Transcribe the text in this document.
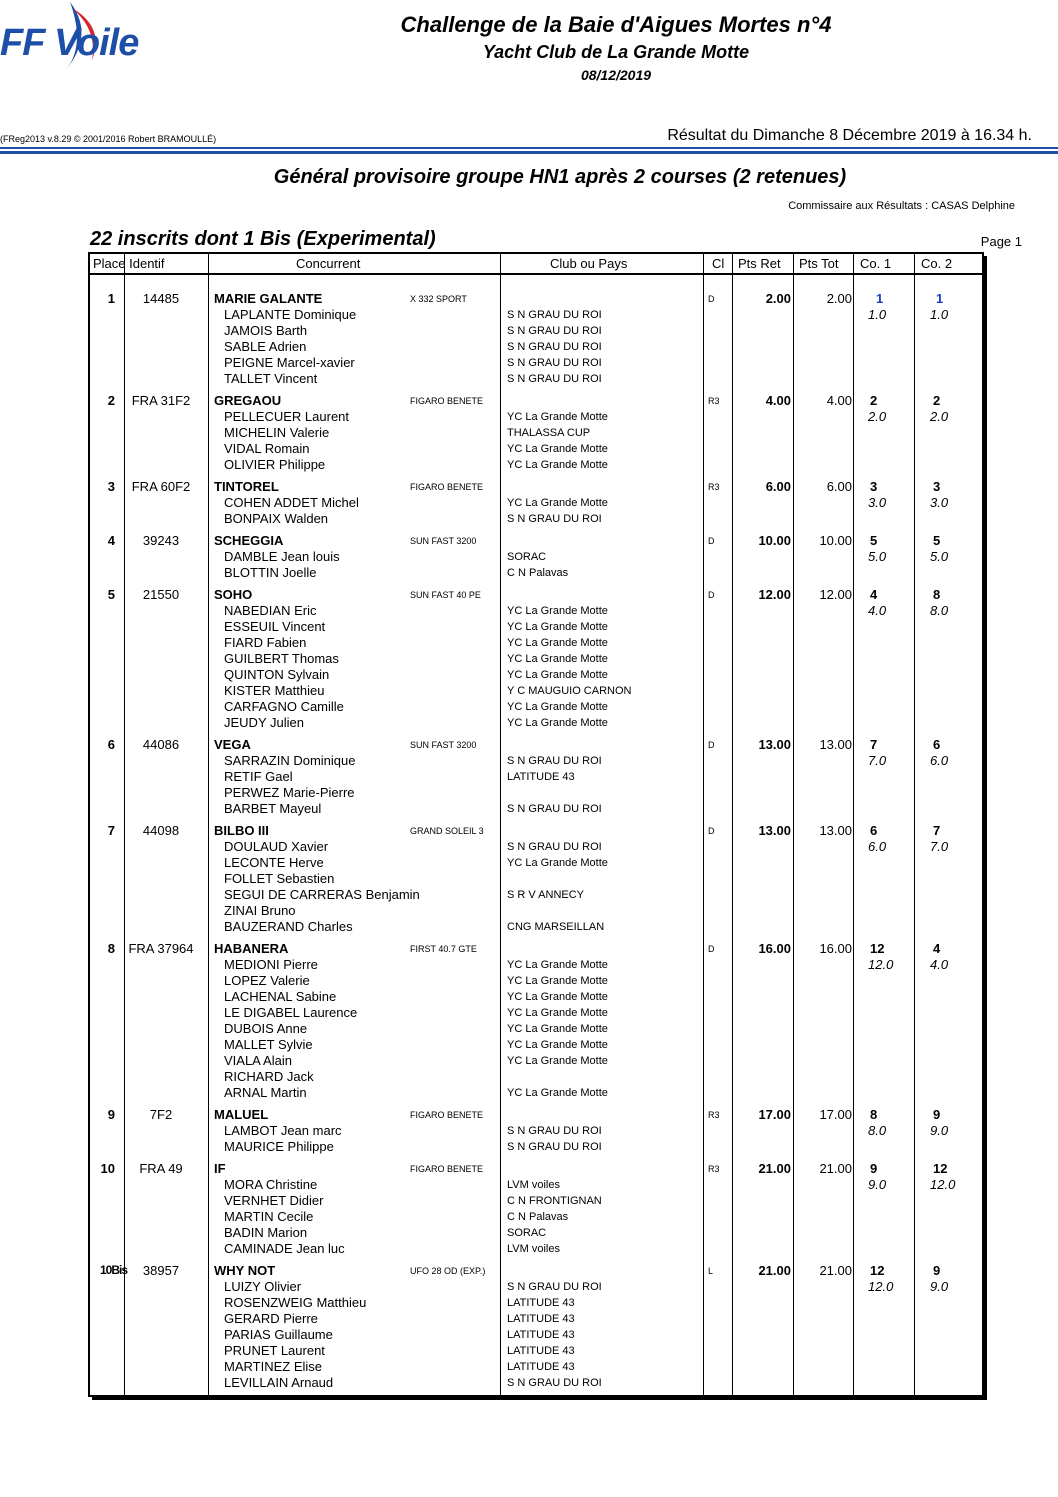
FF Voile	Challenge de la Baie d'Aigues Mortes n°4
Yacht Club de La Grande Motte
08/12/2019
(FReg2013 v.8.29 © 2001/2016 Robert BRAMOULLÉ)	Résultat du Dimanche 8 Décembre 2019 à 16.34 h.
Général provisoire groupe HN1 après 2 courses (2 retenues)
Commissaire aux Résultats : CASAS Delphine
22 inscrits dont 1 Bis (Experimental)	Page 1
Place Identif	Concurrent	Club ou Pays	Cl Pts Ret Pts Tot Co. 1 Co. 2
1	14485	MARIE GALANTE	X 332 SPORT	D	2.00	2.00 1	1
1.0	1.0
LAPLANTE Dominique	S N GRAU DU ROI
JAMOIS Barth	S N GRAU DU ROI
SABLE Adrien	S N GRAU DU ROI
PEIGNE Marcel-xavier	S N GRAU DU ROI
TALLET Vincent	S N GRAU DU ROI
2	FRA 31F2	GREGAOU	FIGARO BENETE	R3	4.00	4.00 2	2
2.0	2.0
PELLECUER Laurent	YC La Grande Motte
MICHELIN Valerie	THALASSA CUP
VIDAL Romain	YC La Grande Motte
OLIVIER Philippe	YC La Grande Motte
3	FRA 60F2	TINTOREL	FIGARO BENETE	R3	6.00	6.00 3	3
3.0	3.0
COHEN ADDET Michel	YC La Grande Motte
BONPAIX Walden	S N GRAU DU ROI
4	39243	SCHEGGIA	SUN FAST 3200	D	10.00	10.00 5	5
5.0	5.0
DAMBLE Jean louis	SORAC
BLOTTIN Joelle	C N Palavas
5	21550	SOHO	SUN FAST 40 PE	D	12.00	12.00 4	8
4.0	8.0
NABEDIAN Eric	YC La Grande Motte
ESSEUIL Vincent	YC La Grande Motte
FIARD Fabien	YC La Grande Motte
GUILBERT Thomas	YC La Grande Motte
QUINTON Sylvain	YC La Grande Motte
KISTER Matthieu	Y C MAUGUIO CARNON
CARFAGNO Camille	YC La Grande Motte
JEUDY Julien	YC La Grande Motte
6	44086	VEGA	SUN FAST 3200	D	13.00	13.00 7	6
7.0	6.0
SARRAZIN Dominique	S N GRAU DU ROI
RETIF Gael	LATITUDE 43
PERWEZ Marie-Pierre
BARBET Mayeul	S N GRAU DU ROI
7	44098	BILBO III	GRAND SOLEIL 3	D	13.00	13.00 6	7
6.0	7.0
DOULAUD Xavier	S N GRAU DU ROI
LECONTE Herve	YC La Grande Motte
FOLLET Sebastien
SEGUI DE CARRERAS Benjamin	S R V ANNECY
ZINAI Bruno
BAUZERAND Charles	CNG MARSEILLAN
8 FRA 37964 HABANERA	FIRST 40.7 GTE	D	16.00	16.00 12	4
12.0	4.0
MEDIONI Pierre	YC La Grande Motte
LOPEZ Valerie	YC La Grande Motte
LACHENAL Sabine	YC La Grande Motte
LE DIGABEL Laurence	YC La Grande Motte
DUBOIS Anne	YC La Grande Motte
MALLET Sylvie	YC La Grande Motte
VIALA Alain	YC La Grande Motte
RICHARD Jack
ARNAL Martin	YC La Grande Motte
9	7F2	MALUEL	FIGARO BENETE	R3	17.00	17.00 8	9
8.0	9.0
LAMBOT Jean marc	S N GRAU DU ROI
MAURICE Philippe	S N GRAU DU ROI
10	FRA 49	IF	FIGARO BENETE	R3	21.00	21.00 9	12
9.0	12.0
MORA Christine	LVM voiles
VERNHET Didier	C N FRONTIGNAN
MARTIN Cecile	C N Palavas
BADIN Marion	SORAC
CAMINADE Jean luc	LVM voiles
10Bis	38957	WHY NOT	UFO 28 OD (EXP.)	L	21.00	21.00 12	9
12.0	9.0
LUIZY Olivier	S N GRAU DU ROI
ROSENZWEIG Matthieu	LATITUDE 43
GERARD Pierre	LATITUDE 43
PARIAS Guillaume	LATITUDE 43
PRUNET Laurent	LATITUDE 43
MARTINEZ Elise	LATITUDE 43
LEVILLAIN Arnaud	S N GRAU DU ROI
